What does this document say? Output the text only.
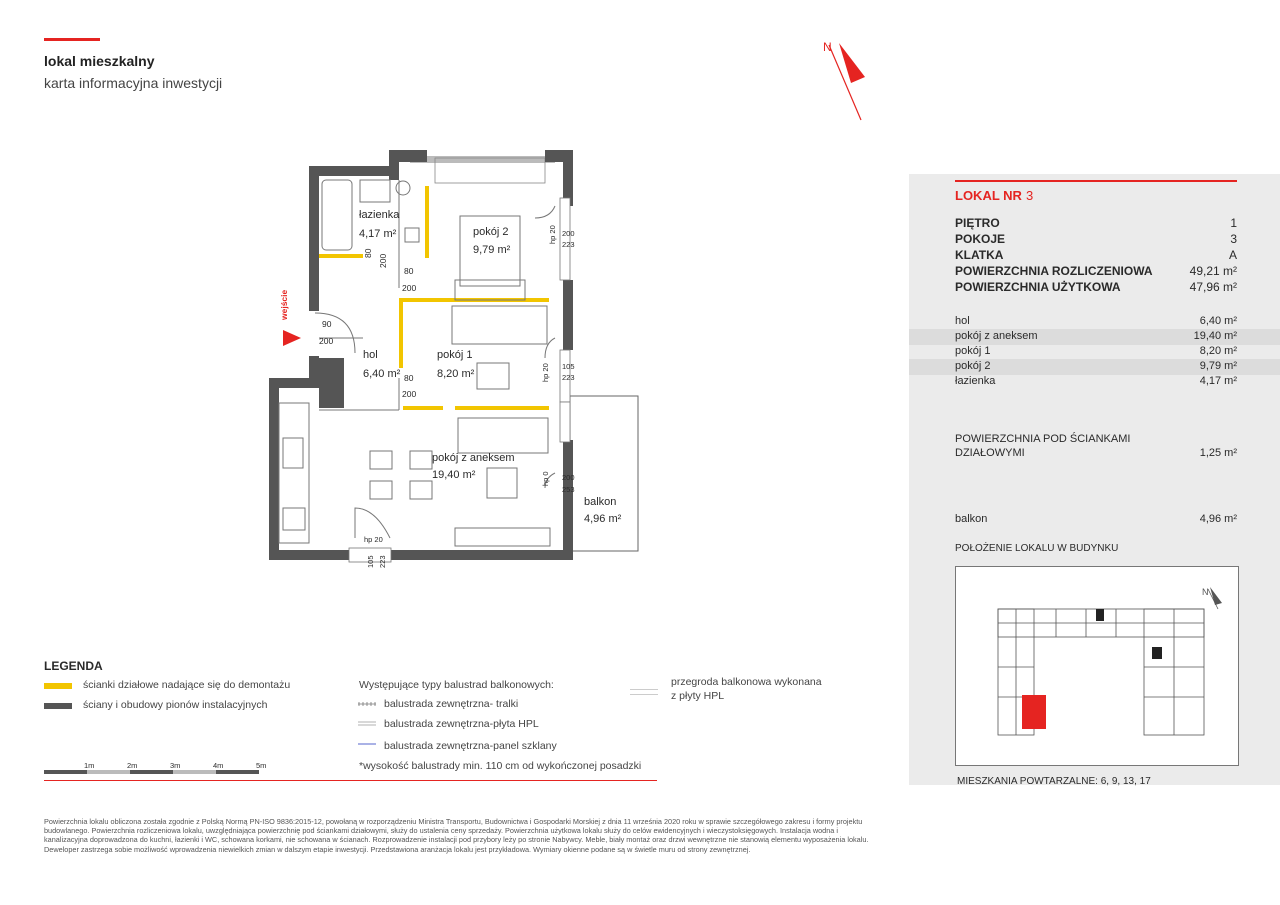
lokal mieszkalny
karta informacyjna inwestycji
N
łazienka
4,17 m²	pokój 2
9,79 m²
hol
6,40 m²
pokój 1
8,20 m²
pokój z aneksem
19,40 m²
balkon
4,96 m²
wejście
80
200
80
200
90
200
80
200
hp 20 200
223
hp 20 105
223
hp 0 200
253
hp 20
105 223
LOKAL NR 3
PIĘTRO	1
POKOJE	3
KLATKA	A
POWIERZCHNIA ROZLICZENIOWA	49,21 m²
POWIERZCHNIA UŻYTKOWA	47,96 m²
hol	6,40 m²
pokój z aneksem	19,40 m²
pokój 1	8,20 m²
pokój 2	9,79 m²
łazienka	4,17 m²
POWIERZCHNIA POD ŚCIANKAMI
DZIAŁOWYMI	1,25 m²
balkon	4,96 m²
POŁOŻENIE LOKALU W BUDYNKU
N
MIESZKANIA POWTARZALNE: 6, 9, 13, 17
LEGENDA
ścianki działowe nadające się do demontażu
ściany i obudowy pionów instalacyjnych
Występujące typy balustrad balkonowych:
balustrada zewnętrzna- tralki
balustrada zewnętrzna-płyta HPL
balustrada zewnętrzna-panel szklany
*wysokość balustrady min. 110 cm od wykończonej posadzki
przegroda balkonowa wykonana
z płyty HPL
1m	2m	3m	4m	5m
Powierzchnia lokalu obliczona została zgodnie z Polską Normą PN-ISO 9836:2015-12, powołaną w rozporządzeniu Ministra Transportu, Budownictwa i Gospodarki Morskiej z dnia 11 września 2020 roku w sprawie szczegółowego zakresu i formy projektu budowlanego. Powierzchnia rozliczeniowa lokalu, uwzględniająca powierzchnię pod ściankami działowymi, służy do ustalenia ceny sprzedaży. Powierzchnia użytkowa lokalu służy do celów ewidencyjnych i wieczystoksięgowych. Instalacja wodna i kanalizacyjna doprowadzona do kuchni, łazienki i WC, schowana korkami, nie schowana w ścianach. Rozprowadzenie instalacji pod przybory leży po stronie Nabywcy. Meble, biały montaż oraz drzwi wewnętrzne nie stanowią elementu wyposażenia lokalu. Deweloper zastrzega sobie możliwość wprowadzenia niewielkich zmian w dalszym etapie inwestycji. Przedstawiona aranżacja lokalu jest przykładowa. Wymiary okienne podane są w świetle muru od strony zewnętrznej.
